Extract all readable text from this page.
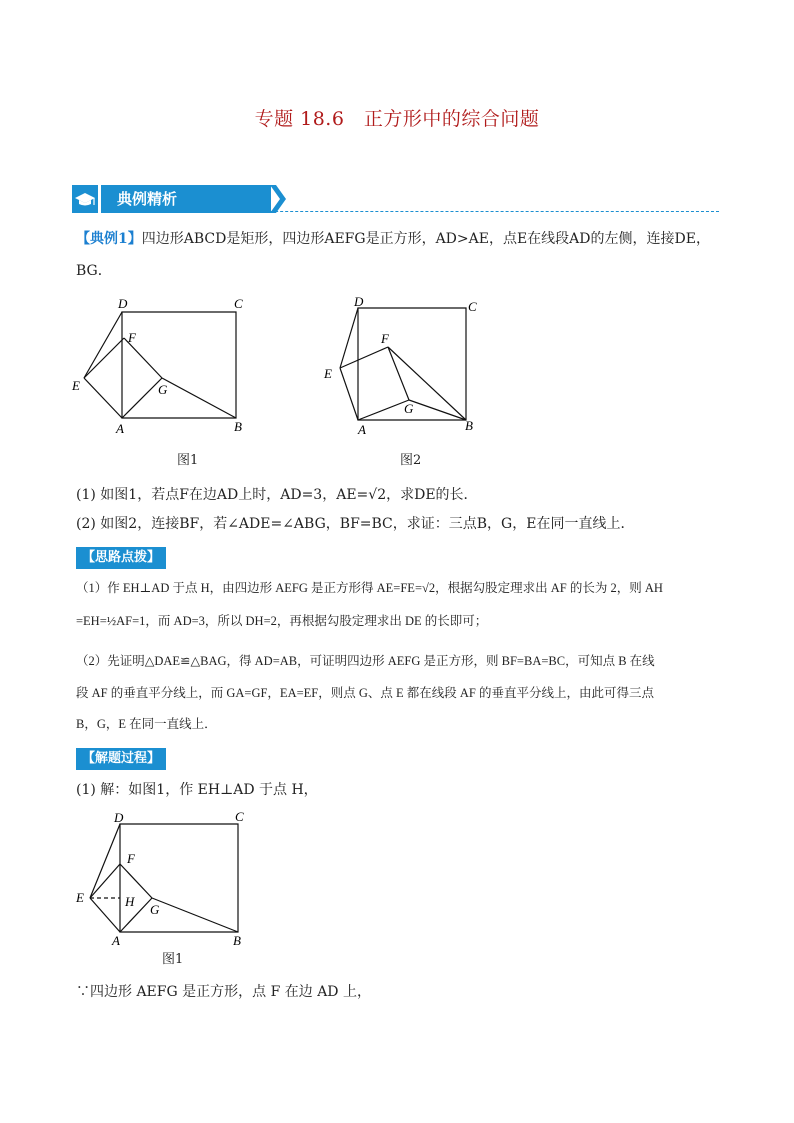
专题 18.6　正方形中的综合问题
典例精析
【典例1】四边形ABCD是矩形，四边形AEFG是正方形，AD>AE，点E在线段AD的左侧，连接DE，
BG．
D	C
F
E	G
A	B
图1
D	C
F
E
G
A	B
图2
(1) 如图1，若点F在边AD上时，AD=3，AE=√2，求DE的长．
(2) 如图2，连接BF，若∠ADE=∠ABG，BF=BC，求证：三点B，G，E在同一直线上．
【思路点拨】
（1）作 EH⊥AD 于点 H，由四边形 AEFG 是正方形得 AE=FE=√2，根据勾股定理求出 AF 的长为 2，则 AH
=EH=½AF=1，而 AD=3，所以 DH=2，再根据勾股定理求出 DE 的长即可；
（2）先证明△DAE≌△BAG，得 AD=AB，可证明四边形 AEFG 是正方形，则 BF=BA=BC，可知点 B 在线
段 AF 的垂直平分线上，而 GA=GF，EA=EF，则点 G、点 E 都在线段 AF 的垂直平分线上，由此可得三点
B，G，E 在同一直线上．
【解题过程】
(1) 解：如图1，作 EH⊥AD 于点 H，
D	C
F
E	H
G
A	B
图1
∵四边形 AEFG 是正方形，点 F 在边 AD 上，
